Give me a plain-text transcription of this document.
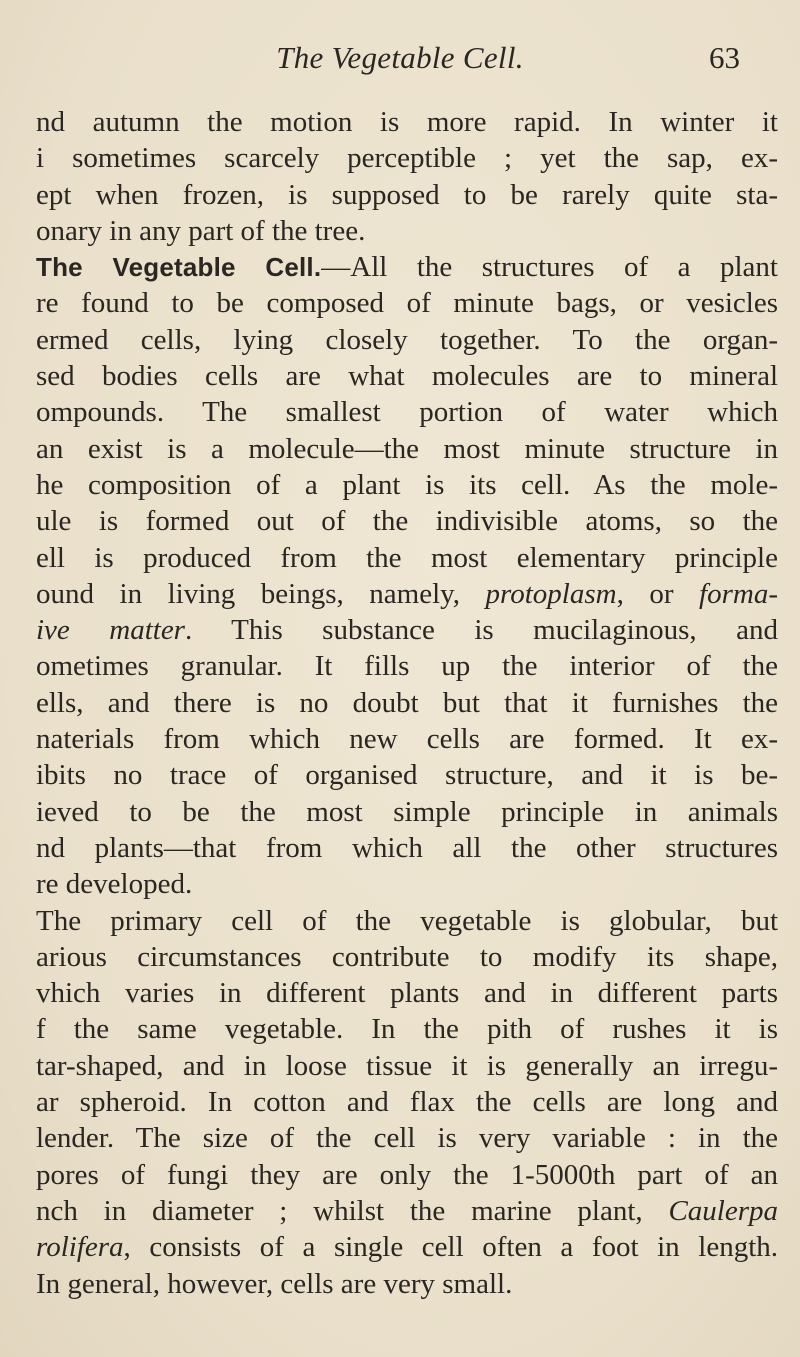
The Vegetable Cell.	63
nd autumn the motion is more rapid. In winter it
i sometimes scarcely perceptible ; yet the sap, ex-
ept when frozen, is supposed to be rarely quite sta-
onary in any part of the tree.
The Vegetable Cell.—All the structures of a plant
re found to be composed of minute bags, or vesicles
ermed cells, lying closely together. To the organ-
sed bodies cells are what molecules are to mineral
ompounds. The smallest portion of water which
an exist is a molecule—the most minute structure in
he composition of a plant is its cell. As the mole-
ule is formed out of the indivisible atoms, so the
ell is produced from the most elementary principle
ound in living beings, namely, protoplasm, or forma-
ive matter. This substance is mucilaginous, and
ometimes granular. It fills up the interior of the
ells, and there is no doubt but that it furnishes the
naterials from which new cells are formed. It ex-
ibits no trace of organised structure, and it is be-
ieved to be the most simple principle in animals
nd plants—that from which all the other structures
re developed.
The primary cell of the vegetable is globular, but
arious circumstances contribute to modify its shape,
vhich varies in different plants and in different parts
f the same vegetable. In the pith of rushes it is
tar-shaped, and in loose tissue it is generally an irregu-
ar spheroid. In cotton and flax the cells are long and
lender. The size of the cell is very variable : in the
pores of fungi they are only the 1-5000th part of an
nch in diameter ; whilst the marine plant, Caulerpa
rolifera, consists of a single cell often a foot in length.
In general, however, cells are very small.
